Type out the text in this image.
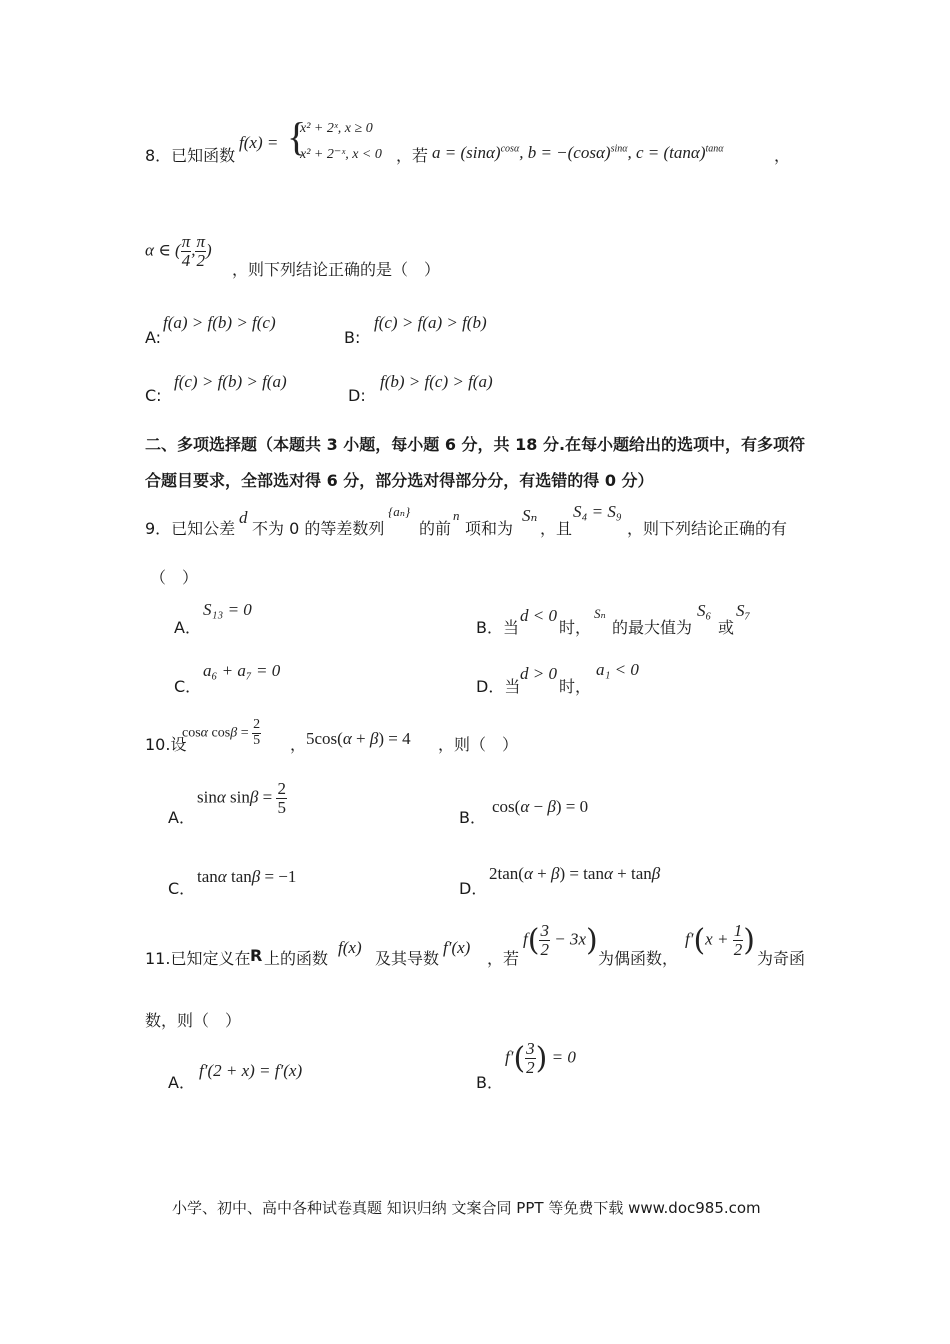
8．已知函数
f(x) = {
x² + 2ˣ, x ≥ 0
x² + 2⁻ˣ, x < 0 ，若 $a = (\sin\alpha)^{cos\alpha}$, $b = -(\cos\alpha)^{sin\alpha}$, $c = (\tan\alpha)^{tan\alpha}$	，
α ∈ ( $\frac{\pi}{4}$ , $\frac{\pi}{2}$ )
，则下列结论正确的是（　）
A:
f(a) > f(b) > f(c)
B:
f(c) > f(a) > f(b)
C:
f(c) > f(b) > f(a)
D:
f(b) > f(c) > f(a)
二、多项选择题（本题共 3 小题，每小题 6 分，共 18 分.在每小题给出的选项中，有多项符
合题目要求，全部选对得 6 分，部分选对得部分分，有选错的得 0 分）
9．已知公差
d
不为 0 的等差数列
{aₙ}
的前
n
项和为
Sₙ
，且
S₄ = S₉
，则下列结论正确的有
（　）
A．
S₁₃ = 0
B．当
d < 0
时，
Sₙ
的最大值为
S₆
或
S₇
C．
a₆ + a₇ = 0
D．当
d > 0
时，
a₁ < 0
10.设
cosα $\cos\beta = \frac{2}{5}$ ， 5cos(α + β) = 4 ，则（　）
A．
sinα $\sin\beta = \frac{2}{5}$
B．
cos(α − β) = 0
C．
tanα tanβ = −1
D．
2tan(α + β) = tanα + tanβ
11.已知定义在 R 上的函数
f(x)
及其导数
f′(x)
，若
$f( \frac{3}{2} - 3x)$
为偶函数，
$f'(x + \frac{1}{2}$ )
为奇函
数，则（　）
A．
f′(2 + x) = f′(x)
B．
$f'( \frac{3}{2}$ ) = 0
小学、初中、高中各种试卷真题 知识归纳 文案合同 PPT 等免费下载 www.doc985.com
